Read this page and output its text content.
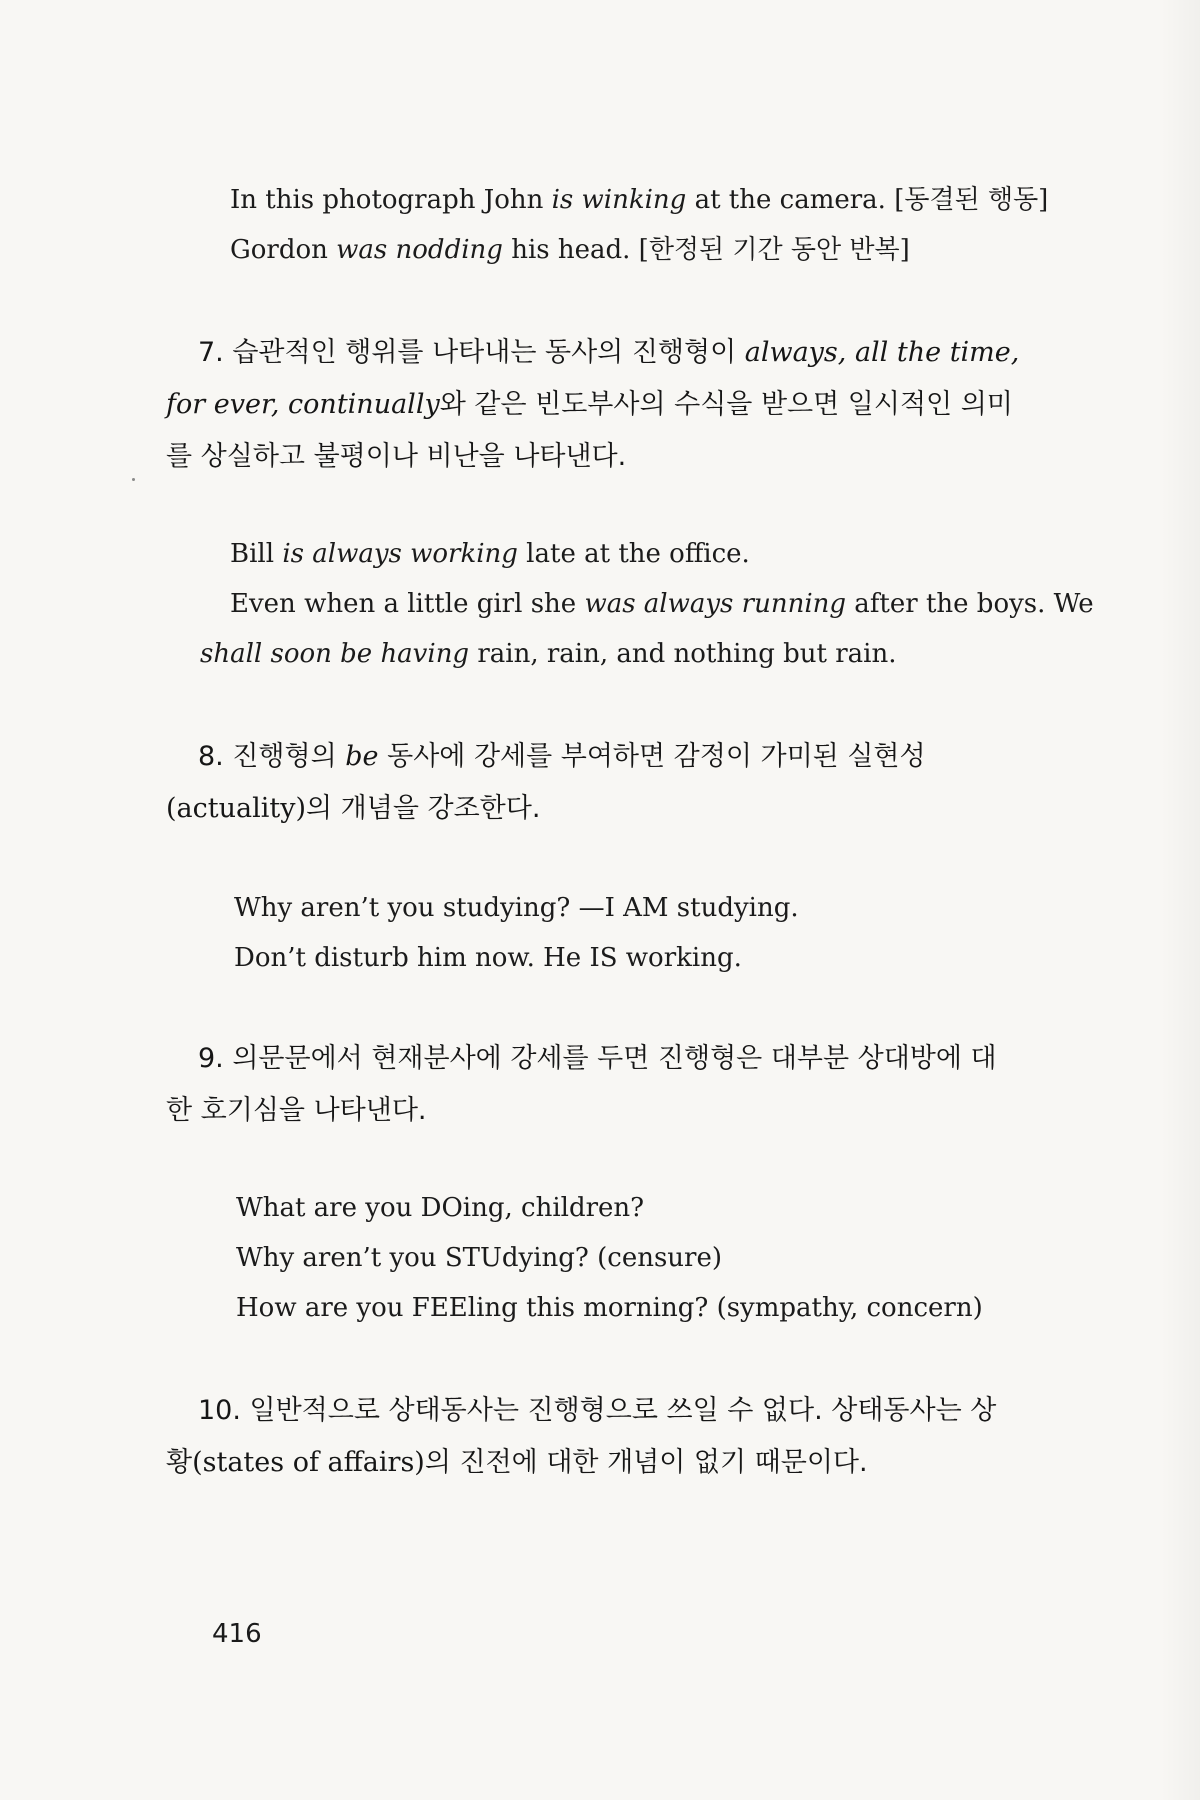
In this photograph John is winking at the camera. [동결된 행동]
Gordon was nodding his head. [한정된 기간 동안 반복]
7. 습관적인 행위를 나타내는 동사의 진행형이 always, all the time,
for ever, continually와 같은 빈도부사의 수식을 받으면 일시적인 의미
를 상실하고 불평이나 비난을 나타낸다.
Bill is always working late at the office.
Even when a little girl she was always running after the boys. We
shall soon be having rain, rain, and nothing but rain.
8. 진행형의 be 동사에 강세를 부여하면 감정이 가미된 실현성
(actuality)의 개념을 강조한다.
Why aren’t you studying? —I AM studying.
Don’t disturb him now. He IS working.
9. 의문문에서 현재분사에 강세를 두면 진행형은 대부분 상대방에 대
한 호기심을 나타낸다.
What are you DOing, children?
Why aren’t you STUdying? (censure)
How are you FEEling this morning? (sympathy, concern)
10. 일반적으로 상태동사는 진행형으로 쓰일 수 없다. 상태동사는 상
황(states of affairs)의 진전에 대한 개념이 없기 때문이다.
416
